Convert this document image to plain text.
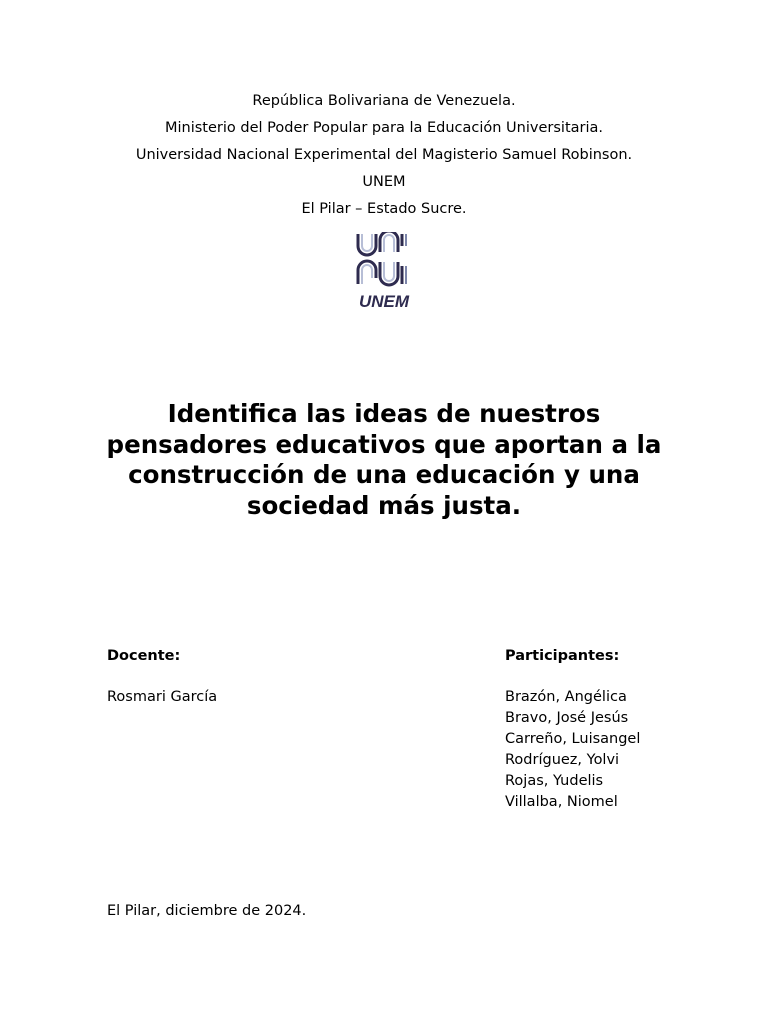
República Bolivariana de Venezuela.
Ministerio del Poder Popular para la Educación Universitaria.
Universidad Nacional Experimental del Magisterio Samuel Robinson.
UNEM
El Pilar – Estado Sucre.
UNEM
Identifica las ideas de nuestros pensadores educativos que aportan a la construcción de una educación y una sociedad más justa.
Docente:
Rosmari García
Participantes:
Brazón, Angélica
Bravo, José Jesús
Carreño, Luisangel
Rodríguez, Yolvi
Rojas, Yudelis
Villalba, Niomel
El Pilar, diciembre de 2024.
